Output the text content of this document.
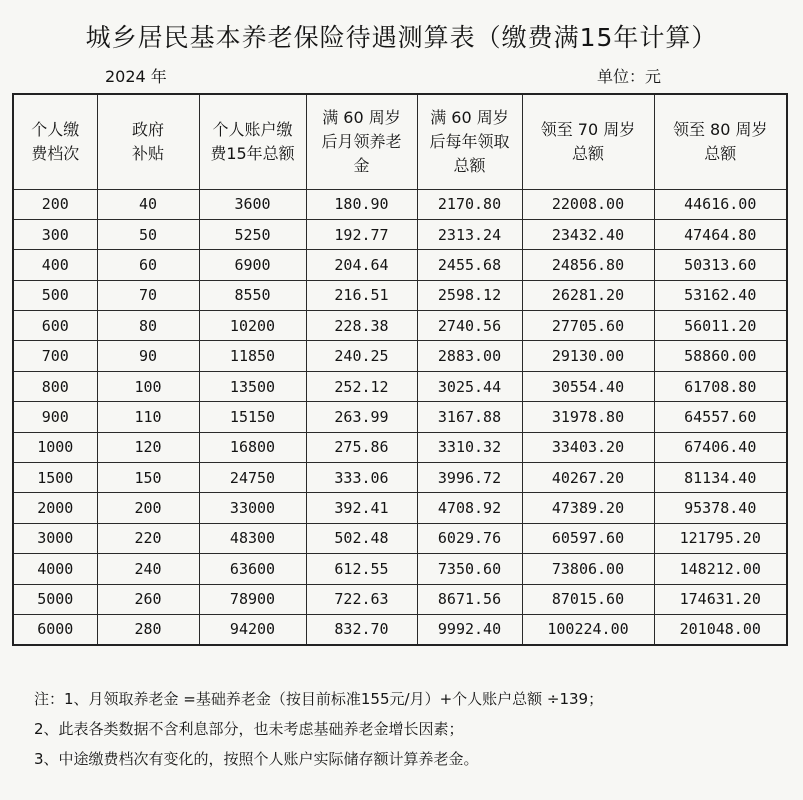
城乡居民基本养老保险待遇测算表（缴费满15年计算）
2024 年	单位：元
个人缴费档次	政府补贴	个人账户缴费15年总额	满 60 周岁后月领养老金	满 60 周岁后每年领取总额	领至 70 周岁总额	领至 80 周岁总额

200	40	3600	180.90	2170.80	22008.00	44616.00
300	50	5250	192.77	2313.24	23432.40	47464.80
400	60	6900	204.64	2455.68	24856.80	50313.60
500	70	8550	216.51	2598.12	26281.20	53162.40
600	80	10200	228.38	2740.56	27705.60	56011.20
700	90	11850	240.25	2883.00	29130.00	58860.00
800	100	13500	252.12	3025.44	30554.40	61708.80
900	110	15150	263.99	3167.88	31978.80	64557.60
1000	120	16800	275.86	3310.32	33403.20	67406.40
1500	150	24750	333.06	3996.72	40267.20	81134.40
2000	200	33000	392.41	4708.92	47389.20	95378.40
3000	220	48300	502.48	6029.76	60597.60	121795.20
4000	240	63600	612.55	7350.60	73806.00	148212.00
5000	260	78900	722.63	8671.56	87015.60	174631.20
6000	280	94200	832.70	9992.40	100224.00	201048.00
注：1、月领取养老金 =基础养老金（按目前标准155元/月）+个人账户总额 ÷139；
2、此表各类数据不含利息部分，也未考虑基础养老金增长因素；
3、中途缴费档次有变化的，按照个人账户实际储存额计算养老金。
